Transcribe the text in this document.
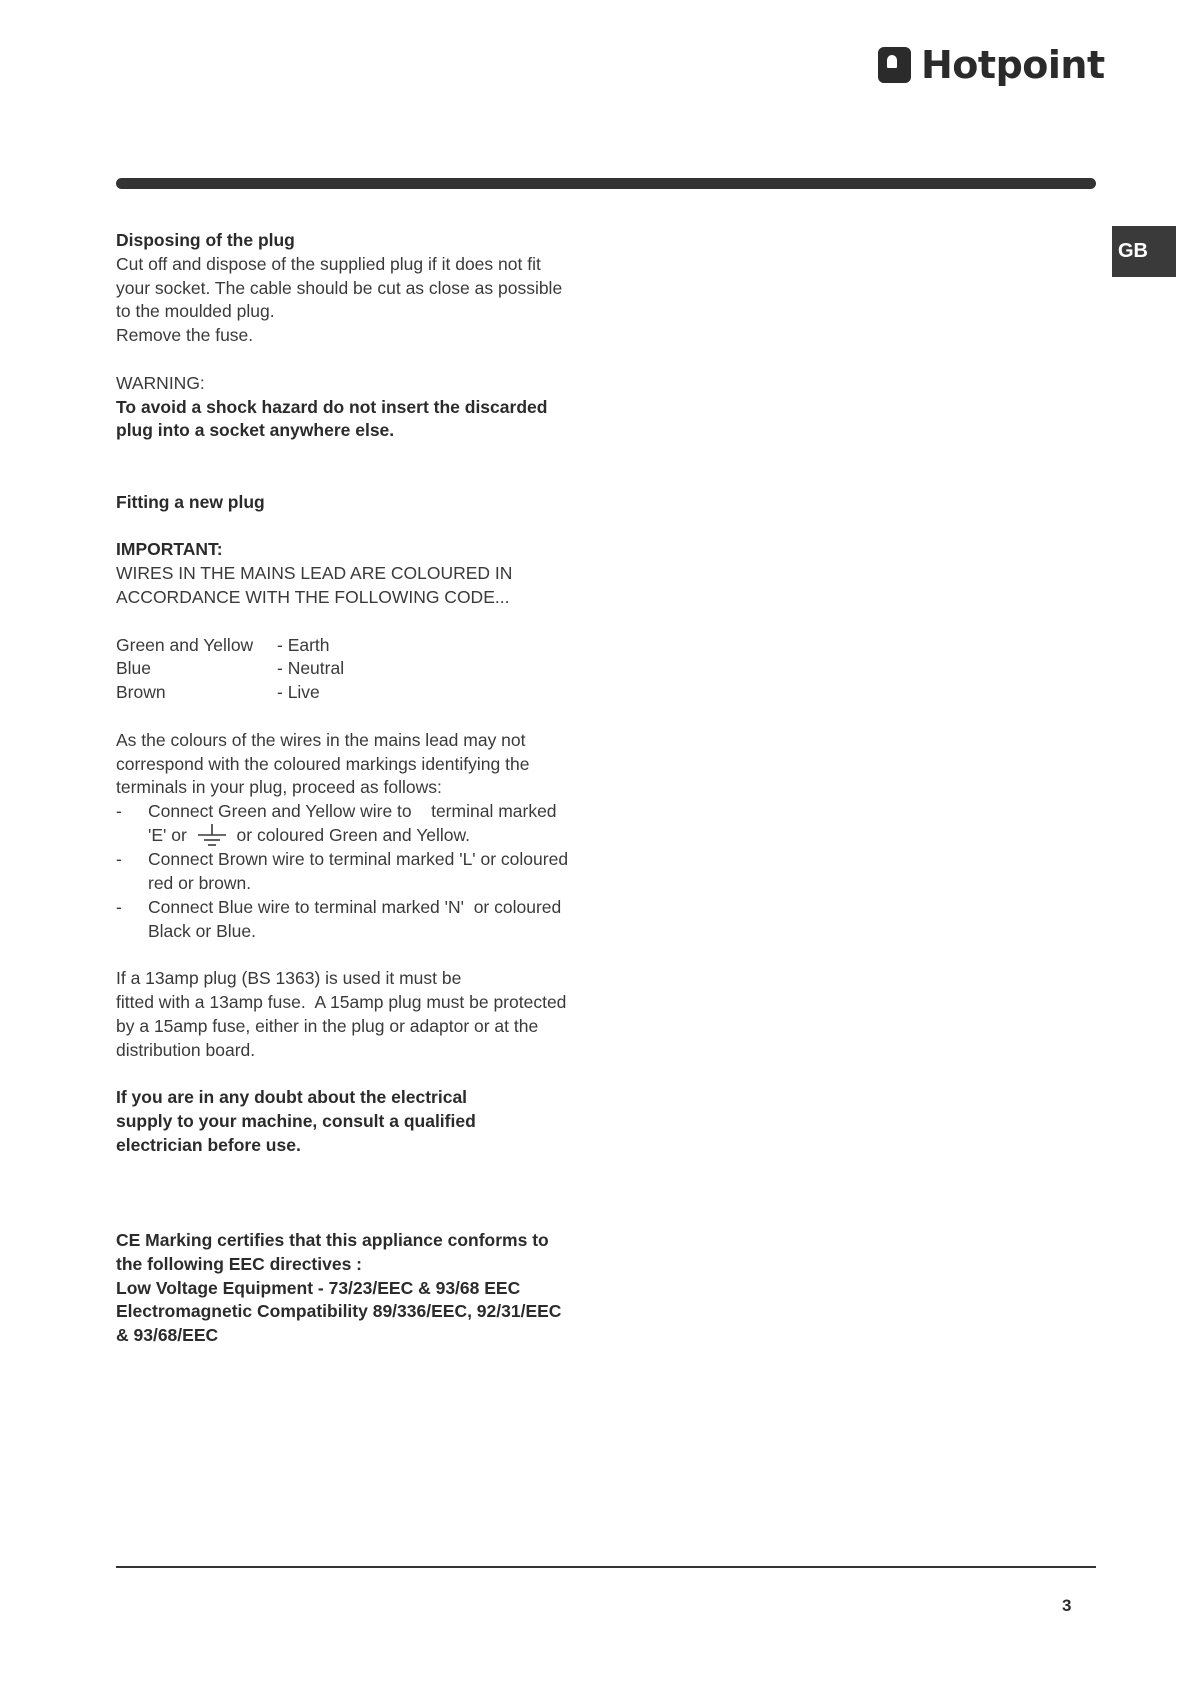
Hotpoint
GB

Disposing of the plug

Cut off and dispose of the supplied plug if it does not fit

your socket. The cable should be cut as close as possible

to the moulded plug.

Remove the fuse.

WARNING:

To avoid a shock hazard do not insert the discarded

plug into a socket anywhere else.

Fitting a new plug

IMPORTANT:

WIRES IN THE MAINS LEAD ARE COLOURED IN

ACCORDANCE WITH THE FOLLOWING CODE...

Green and Yellow	- Earth
Blue	- Neutral
Brown	- Live

As the colours of the wires in the mains lead may not

correspond with the coloured markings identifying the

terminals in your plug, proceed as follows:

-	Connect Green and Yellow wire to    terminal marked

'E' or	or coloured Green and Yellow.

-	Connect Brown wire to terminal marked 'L' or coloured

red or brown.

-	Connect Blue wire to terminal marked 'N'  or coloured

Black or Blue.

If a 13amp plug (BS 1363) is used it must be

fitted with a 13amp fuse.  A 15amp plug must be protected

by a 15amp fuse, either in the plug or adaptor or at the

distribution board.

If you are in any doubt about the electrical

supply to your machine, consult a qualified

electrician before use.

CE Marking certifies that this appliance conforms to

the following EEC directives :

Low Voltage Equipment - 73/23/EEC & 93/68 EEC

Electromagnetic Compatibility 89/336/EEC, 92/31/EEC

& 93/68/EEC

3
